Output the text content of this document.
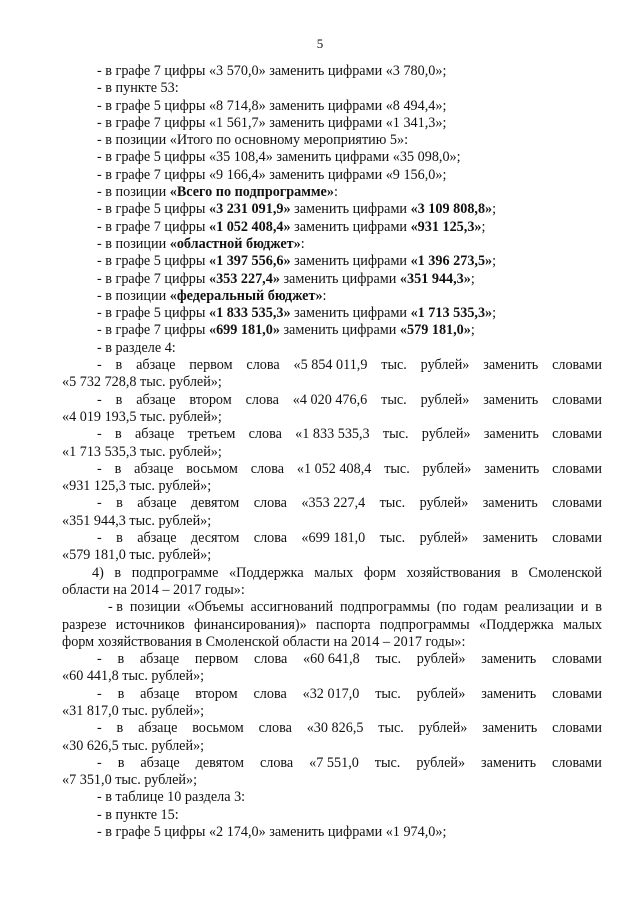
5
- в графе 7 цифры «3 570,0» заменить цифрами «3 780,0»;
- в пункте 53:
- в графе 5 цифры «8 714,8» заменить цифрами «8 494,4»;
- в графе 7 цифры «1 561,7» заменить цифрами «1 341,3»;
- в позиции «Итого по основному мероприятию 5»:
- в графе 5 цифры «35 108,4» заменить цифрами «35 098,0»;
- в графе 7 цифры «9 166,4» заменить цифрами «9 156,0»;
- в позиции «Всего по подпрограмме»:
- в графе 5 цифры «3 231 091,9» заменить цифрами «3 109 808,8»;
- в графе 7 цифры «1 052 408,4» заменить цифрами «931 125,3»;
- в позиции «областной бюджет»:
- в графе 5 цифры «1 397 556,6» заменить цифрами «1 396 273,5»;
- в графе 7 цифры «353 227,4» заменить цифрами «351 944,3»;
- в позиции «федеральный бюджет»:
- в графе 5 цифры «1 833 535,3» заменить цифрами «1 713 535,3»;
- в графе 7 цифры «699 181,0» заменить цифрами «579 181,0»;
- в разделе 4:
- в абзаце первом слова «5 854 011,9 тыс. рублей» заменить словами
«5 732 728,8 тыс. рублей»;
- в абзаце втором слова «4 020 476,6 тыс. рублей» заменить словами
«4 019 193,5 тыс. рублей»;
- в абзаце третьем слова «1 833 535,3 тыс. рублей» заменить словами
«1 713 535,3 тыс. рублей»;
- в абзаце восьмом слова «1 052 408,4 тыс. рублей» заменить словами
«931 125,3 тыс. рублей»;
- в абзаце девятом слова «353 227,4 тыс. рублей» заменить словами
«351 944,3 тыс. рублей»;
- в абзаце десятом слова «699 181,0 тыс. рублей» заменить словами
«579 181,0 тыс. рублей»;
4) в подпрограмме «Поддержка малых форм хозяйствования в Смоленской
области на 2014 – 2017 годы»:
- в позиции «Объемы ассигнований подпрограммы (по годам реализации и в
разрезе источников финансирования)» паспорта подпрограммы «Поддержка малых
форм хозяйствования в Смоленской области на 2014 – 2017 годы»:
- в абзаце первом слова «60 641,8 тыс. рублей» заменить словами
«60 441,8 тыс. рублей»;
- в абзаце втором слова «32 017,0 тыс. рублей» заменить словами
«31 817,0 тыс. рублей»;
- в абзаце восьмом слова «30 826,5 тыс. рублей» заменить словами
«30 626,5 тыс. рублей»;
- в абзаце девятом слова «7 551,0 тыс. рублей» заменить словами
«7 351,0 тыс. рублей»;
- в таблице 10 раздела 3:
- в пункте 15:
- в графе 5 цифры «2 174,0» заменить цифрами «1 974,0»;
